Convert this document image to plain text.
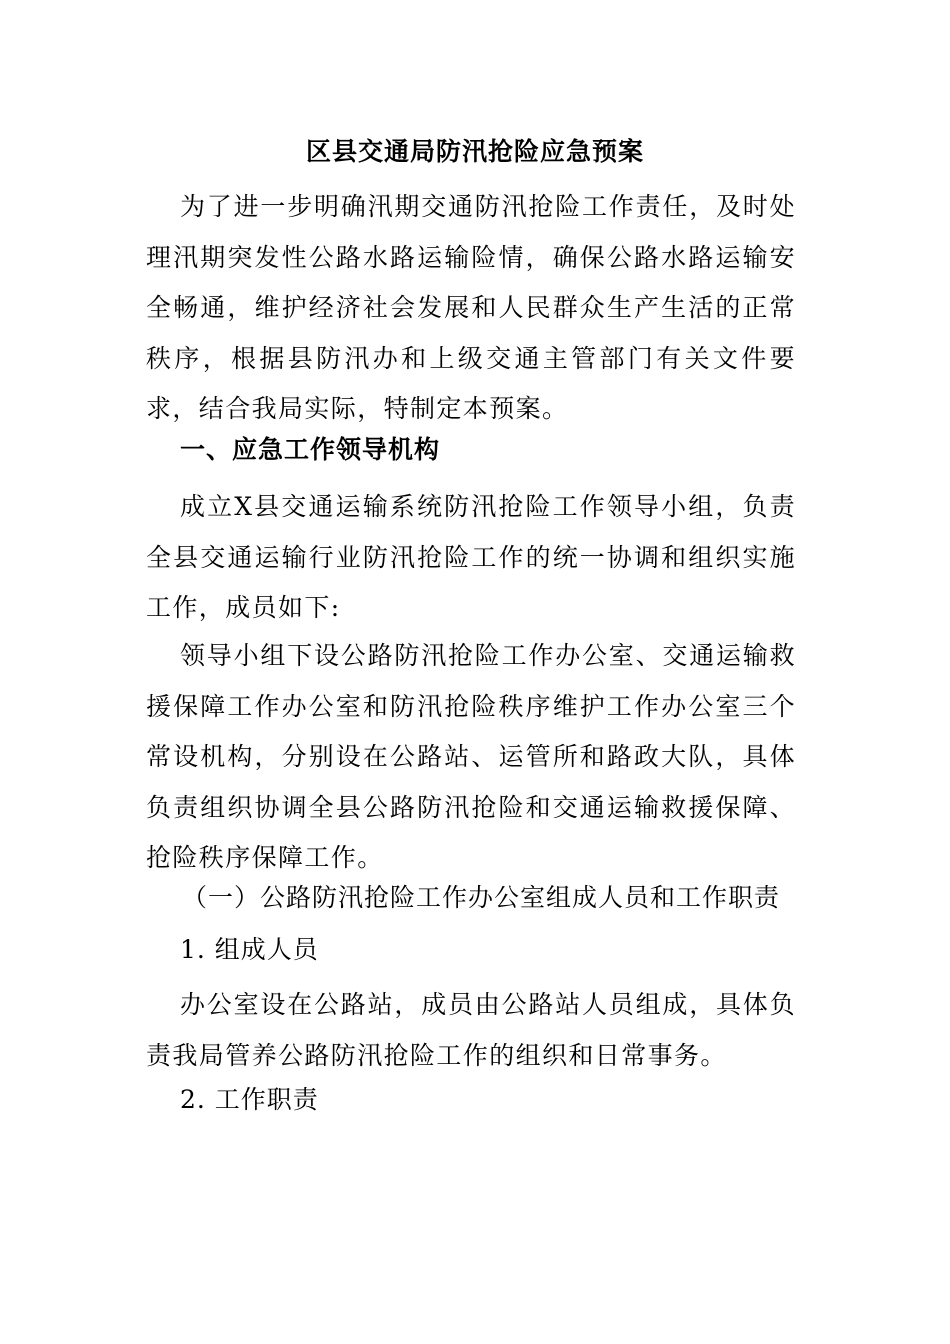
区县交通局防汛抢险应急预案

为了进一步明确汛期交通防汛抢险工作责任，及时处理汛期突发性公路水路运输险情，确保公路水路运输安全畅通，维护经济社会发展和人民群众生产生活的正常秩序，根据县防汛办和上级交通主管部门有关文件要求，结合我局实际，特制定本预案。

一、应急工作领导机构

成立X县交通运输系统防汛抢险工作领导小组，负责全县交通运输行业防汛抢险工作的统一协调和组织实施工作，成员如下:

领导小组下设公路防汛抢险工作办公室、交通运输救援保障工作办公室和防汛抢险秩序维护工作办公室三个常设机构，分别设在公路站、运管所和路政大队，具体负责组织协调全县公路防汛抢险和交通运输救援保障、抢险秩序保障工作。

（一）公路防汛抢险工作办公室组成人员和工作职责

1. 组成人员

办公室设在公路站，成员由公路站人员组成，具体负责我局管养公路防汛抢险工作的组织和日常事务。

2. 工作职责
